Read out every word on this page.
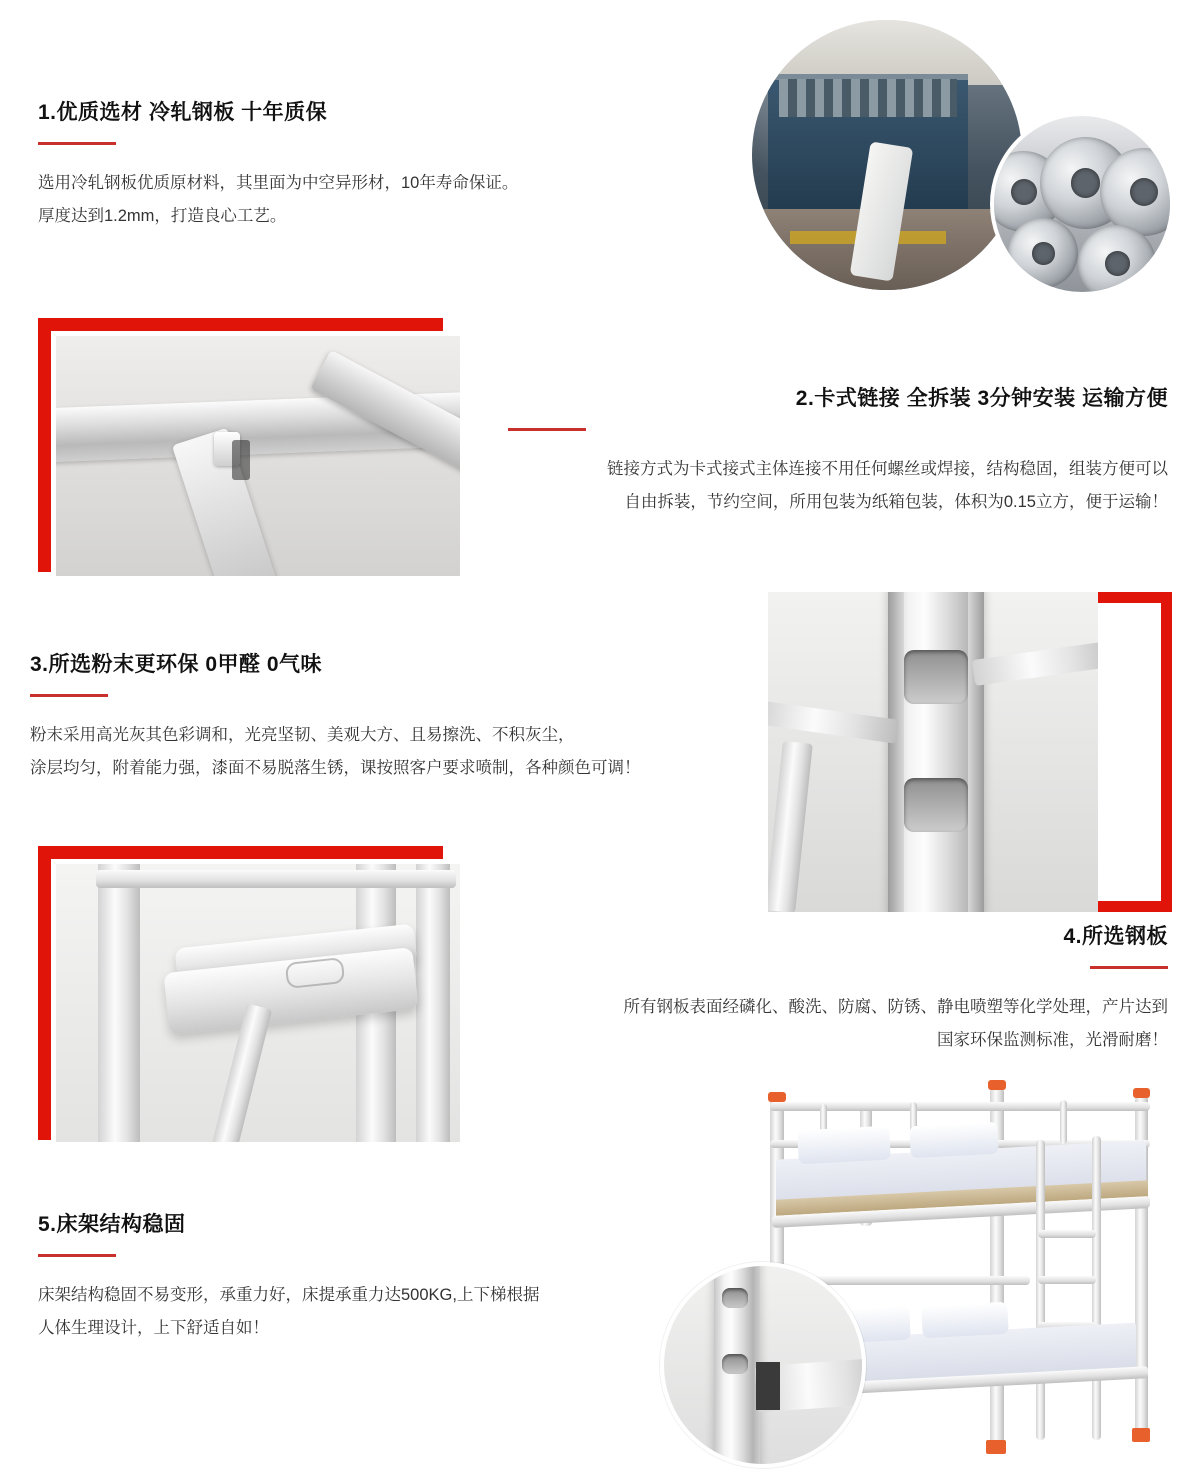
1.优质选材 冷轧钢板 十年质保
选用冷轧钢板优质原材料，其里面为中空异形材，10年寿命保证。
厚度达到1.2mm，打造良心工艺。
2.卡式链接 全拆装 3分钟安装 运输方便
链接方式为卡式接式主体连接不用任何螺丝或焊接，结构稳固，组装方便可以
自由拆装，节约空间，所用包装为纸箱包装，体积为0.15立方，便于运输！
3.所选粉末更环保 0甲醛 0气味
粉末采用高光灰其色彩调和，光亮坚韧、美观大方、且易擦洗、不积灰尘，
涂层均匀，附着能力强，漆面不易脱落生锈，课按照客户要求喷制，各种颜色可调！
4.所选钢板
所有钢板表面经磷化、酸洗、防腐、防锈、静电喷塑等化学处理，产片达到
国家环保监测标准，光滑耐磨！
5.床架结构稳固
床架结构稳固不易变形，承重力好，床提承重力达500KG,上下梯根据
人体生理设计，上下舒适自如！
